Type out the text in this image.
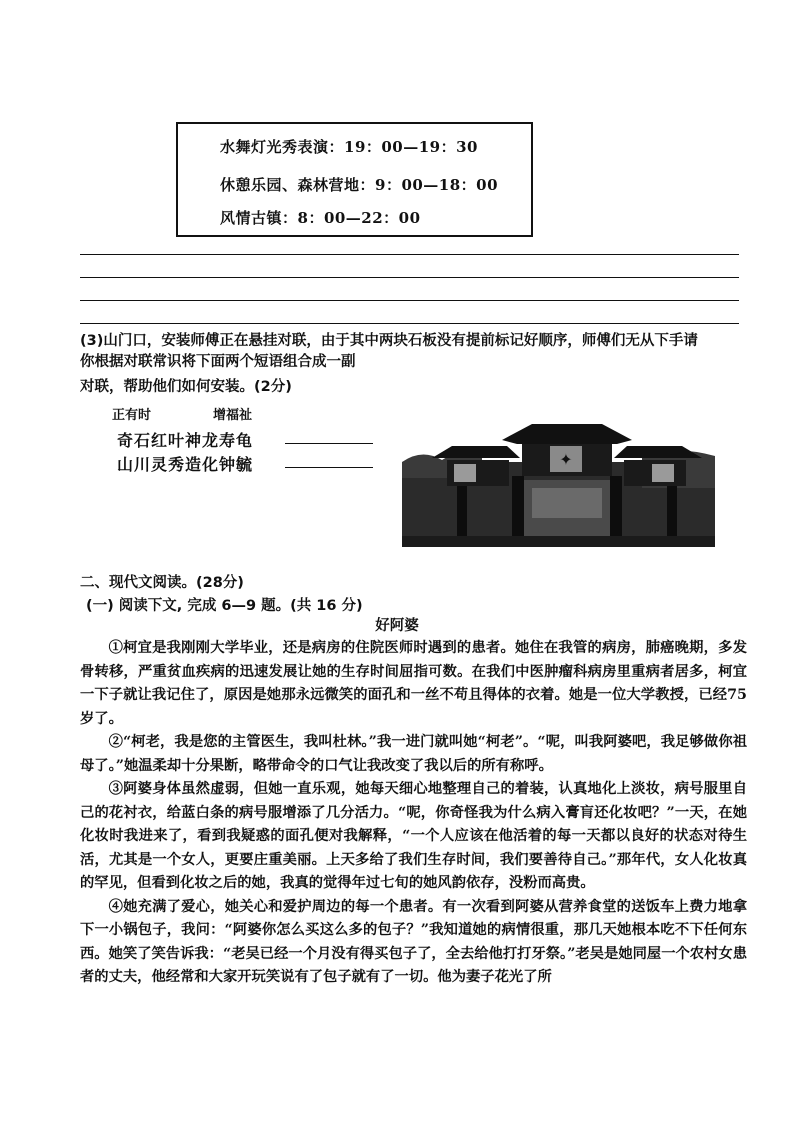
水舞灯光秀表演：19：00—19：30
休憩乐园、森林营地：9：00—18：00
风情古镇：8：00—22：00

(3)山门口，安装师傅正在悬挂对联，由于其中两块石板没有提前标记好顺序，师傅们无从下手请

你根据对联常识将下面两个短语组合成一副

对联，帮助他们如何安装。(2分)

正有时	增福祉
奇石红叶神龙寿龟
山川灵秀造化钟毓	✦
二、现代文阅读。(28分)
(一) 阅读下文, 完成 6—9 题。(共 16 分)
好阿婆

①柯宜是我刚刚大学毕业，还是病房的住院医师时遇到的患者。她住在我管的病房，肺癌晚期，多发骨转移，严重贫血疾病的迅速发展让她的生存时间屈指可数。在我们中医肿瘤科病房里重病者居多，柯宜一下子就让我记住了，原因是她那永远微笑的面孔和一丝不苟且得体的衣着。她是一位大学教授，已经75岁了。

②“柯老，我是您的主管医生，我叫杜林。”我一进门就叫她“柯老”。“呢，叫我阿婆吧，我足够做你祖母了。”她温柔却十分果断，略带命令的口气让我改变了我以后的所有称呼。

③阿婆身体虽然虚弱，但她一直乐观，她每天细心地整理自己的着装，认真地化上淡妆，病号服里自己的花衬衣，给蓝白条的病号服增添了几分活力。“呢，你奇怪我为什么病入膏肓还化妆吧？”一天，在她化妆时我进来了，看到我疑惑的面孔便对我解释，“一个人应该在他活着的每一天都以良好的状态对待生活，尤其是一个女人，更要庄重美丽。上天多给了我们生存时间，我们要善待自己。”那年代，女人化妆真的罕见，但看到化妆之后的她，我真的觉得年过七旬的她风韵依存，没粉而高贵。

④她充满了爱心，她关心和爱护周边的每一个患者。有一次看到阿婆从营养食堂的送饭车上费力地拿下一小锅包子，我问：“阿婆你怎么买这么多的包子？”我知道她的病情很重，那几天她根本吃不下任何东西。她笑了笑告诉我：“老吴已经一个月没有得买包子了，全去给他打打牙祭。”老吴是她同屋一个农村女患者的丈夫，他经常和大家开玩笑说有了包子就有了一切。他为妻子花光了所
